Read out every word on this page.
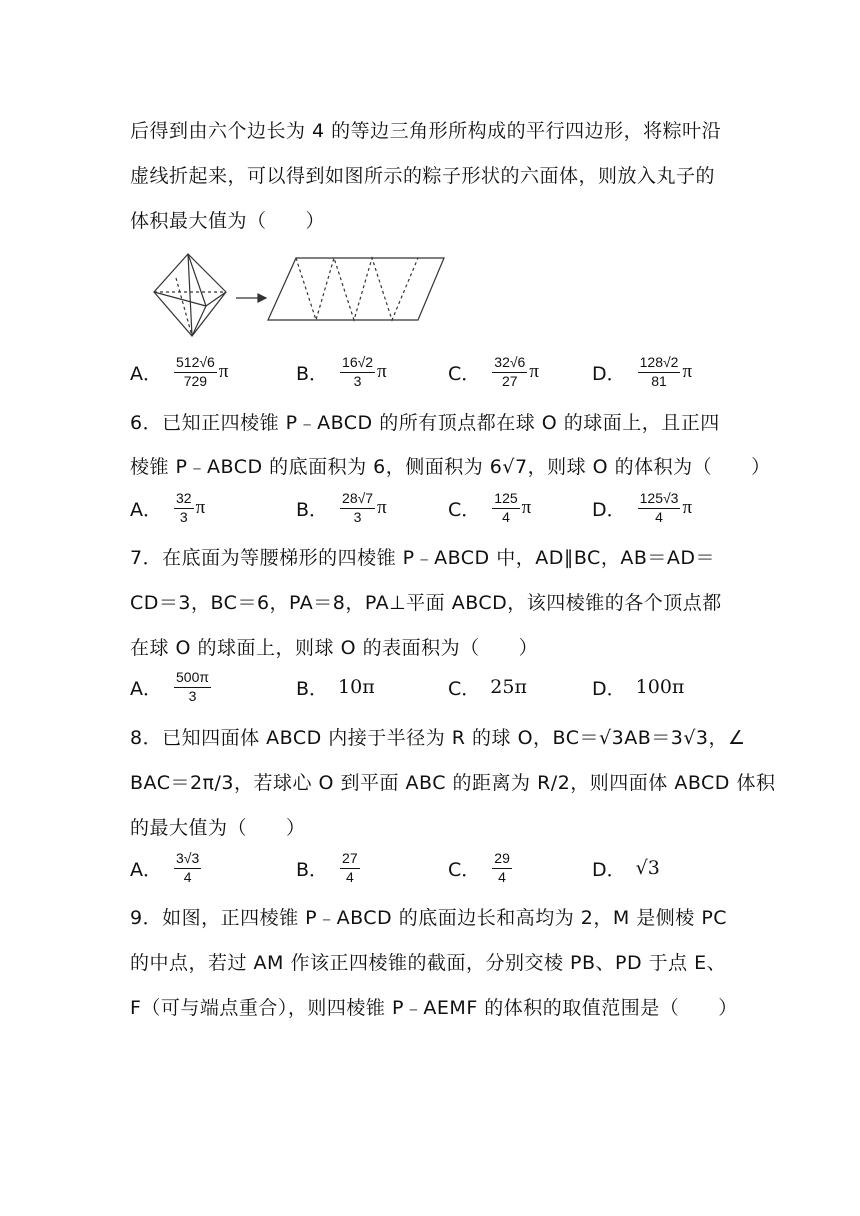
后得到由六个边长为 4 的等边三角形所构成的平行四边形，将粽叶沿
虚线折起来，可以得到如图所示的粽子形状的六面体，则放入丸子的
体积最大值为（　　）
A． $\frac{512√6}{729}$ π	B． $\frac{16√2}{3}$ π	C． $\frac{32√6}{27}$ π	D． $\frac{128√2}{81}$ π
6．已知正四棱锥 P﹣ABCD 的所有顶点都在球 O 的球面上，且正四
棱锥 P﹣ABCD 的底面积为 6，侧面积为 6√7，则球 O 的体积为（　　）
A． $\frac{32}{3}$ π	B． $\frac{28√7}{3}$ π	C． $\frac{125}{4}$ π	D． $\frac{125√3}{4}$ π
7．在底面为等腰梯形的四棱锥 P﹣ABCD 中，AD∥BC，AB＝AD＝
CD＝3，BC＝6，PA＝8，PA⊥平面 ABCD，该四棱锥的各个顶点都
在球 O 的球面上，则球 O 的表面积为（　　）
A． $\frac{500\pi}{3}$	B． 10π	C． 25π	D． 100π
8．已知四面体 ABCD 内接于半径为 R 的球 O，BC＝√3AB＝3√3，∠
BAC＝2π/3，若球心 O 到平面 ABC 的距离为 R/2，则四面体 ABCD 体积
的最大值为（　　）
A． $\frac{3√3}{4}$	B． $\frac{27}{4}$	C． $\frac{29}{4}$	D． √3
9．如图，正四棱锥 P﹣ABCD 的底面边长和高均为 2，M 是侧棱 PC
的中点，若过 AM 作该正四棱锥的截面，分别交棱 PB、PD 于点 E、
F（可与端点重合），则四棱锥 P﹣AEMF 的体积的取值范围是（　　）
